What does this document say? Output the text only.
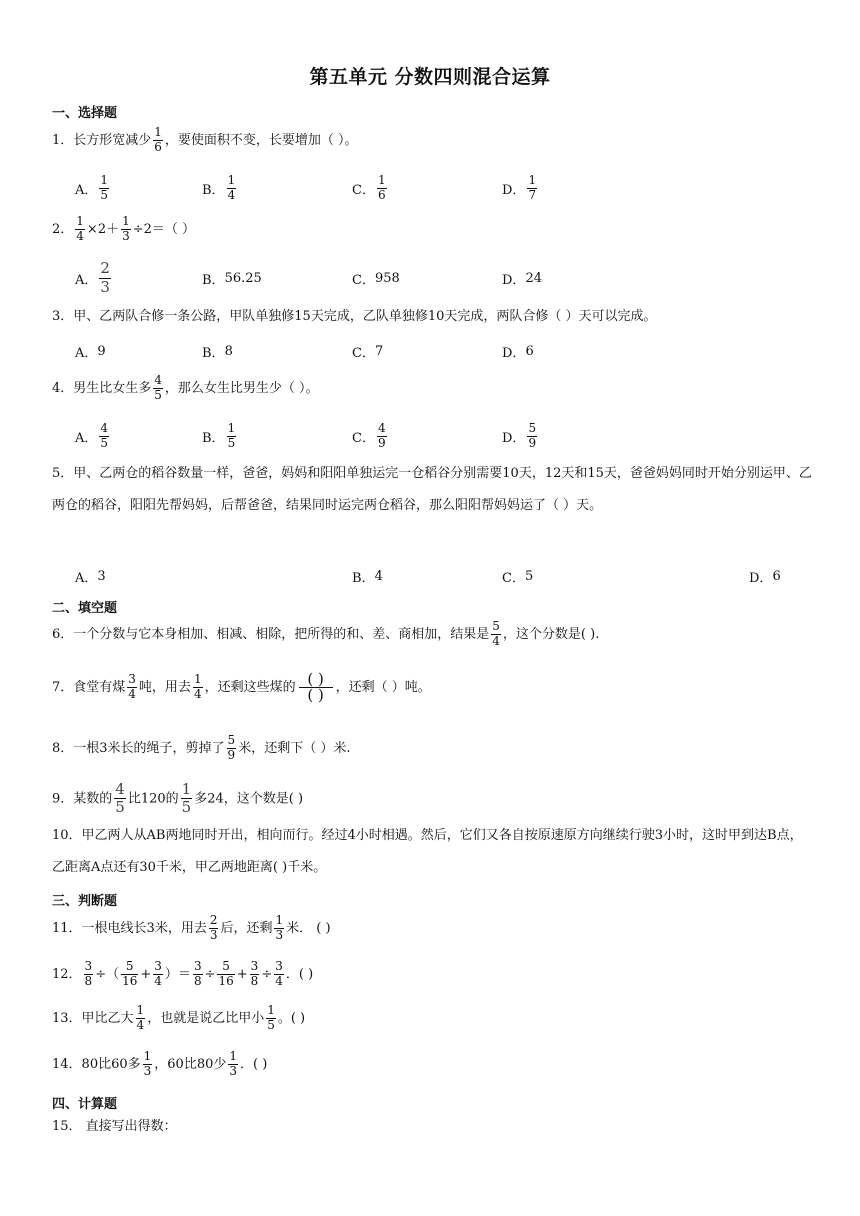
第五单元 分数四则混合运算
一、选择题
1．长方形宽减少 $\frac{1}{6}$ ，要使面积不变，长要增加（ ）。
A． $\frac{1}{5}$	B． $\frac{1}{4}$	C． $\frac{1}{6}$	D． $\frac{1}{7}$
2． $\frac{1}{4} \times 2+ \frac{1}{3} \div 2=$（ ）
A． $\frac{2}{3}$	B． 56.25	C． 958	D． 24
3．甲、乙两队合修一条公路，甲队单独修15天完成，乙队单独修10天完成，两队合修（ ）天可以完成。
A． 9	B． 8	C． 7	D． 6
4．男生比女生多 $\frac{4}{5}$ ，那么女生比男生少（ ）。
A． $\frac{4}{5}$	B． $\frac{1}{5}$	C． $\frac{4}{9}$	D． $\frac{5}{9}$
5．甲、乙两仓的稻谷数量一样，爸爸，妈妈和阳阳单独运完一仓稻谷分别需要10天，12天和15天，爸爸妈妈同时开始分别运甲、乙两仓的稻谷，阳阳先帮妈妈，后帮爸爸，结果同时运完两仓稻谷，那么阳阳帮妈妈运了（ ）天。
A． 3	B． 4	C． 5	D． 6
二、填空题
6．一个分数与它本身相加、相减、相除，把所得的和、差、商相加，结果是 $\frac{5}{4}$ ，这个分数是( ).
7．食堂有煤 $\frac{3}{4}$ 吨，用去 $\frac{1}{4}$ ，还剩这些煤的 $\frac{( )}{( )}$ ，还剩（ ）吨。
8．一根3米长的绳子，剪掉了 $\frac{5}{9}$ 米，还剩下（ ）米.
9．某数的 $\frac{4}{5}$ 比120的 $\frac{1}{5}$ 多24，这个数是( )
10．甲乙两人从AB两地同时开出，相向而行。经过4小时相遇。然后，它们又各自按原速原方向继续行驶3小时，这时甲到达B点，乙距离A点还有30千米，甲乙两地距离( )千米。
三、判断题
11．一根电线长3米，用去 $\frac{2}{3}$ 后，还剩 $\frac{1}{3}$ 米． ( )
12． $\frac{3}{8}$ ÷（ $\frac{5}{16} + \frac{3}{4}$ ）＝ $\frac{3}{8} \div \frac{5}{16} + \frac{3}{8} \div \frac{3}{4}$ ．( )
13．甲比乙大 $\frac{1}{4}$ ，也就是说乙比甲小 $\frac{1}{5}$ 。( )
14．80比60多 $\frac{1}{3}$ ，60比80少 $\frac{1}{3}$ ．( )
四、计算题
15． 直接写出得数：
